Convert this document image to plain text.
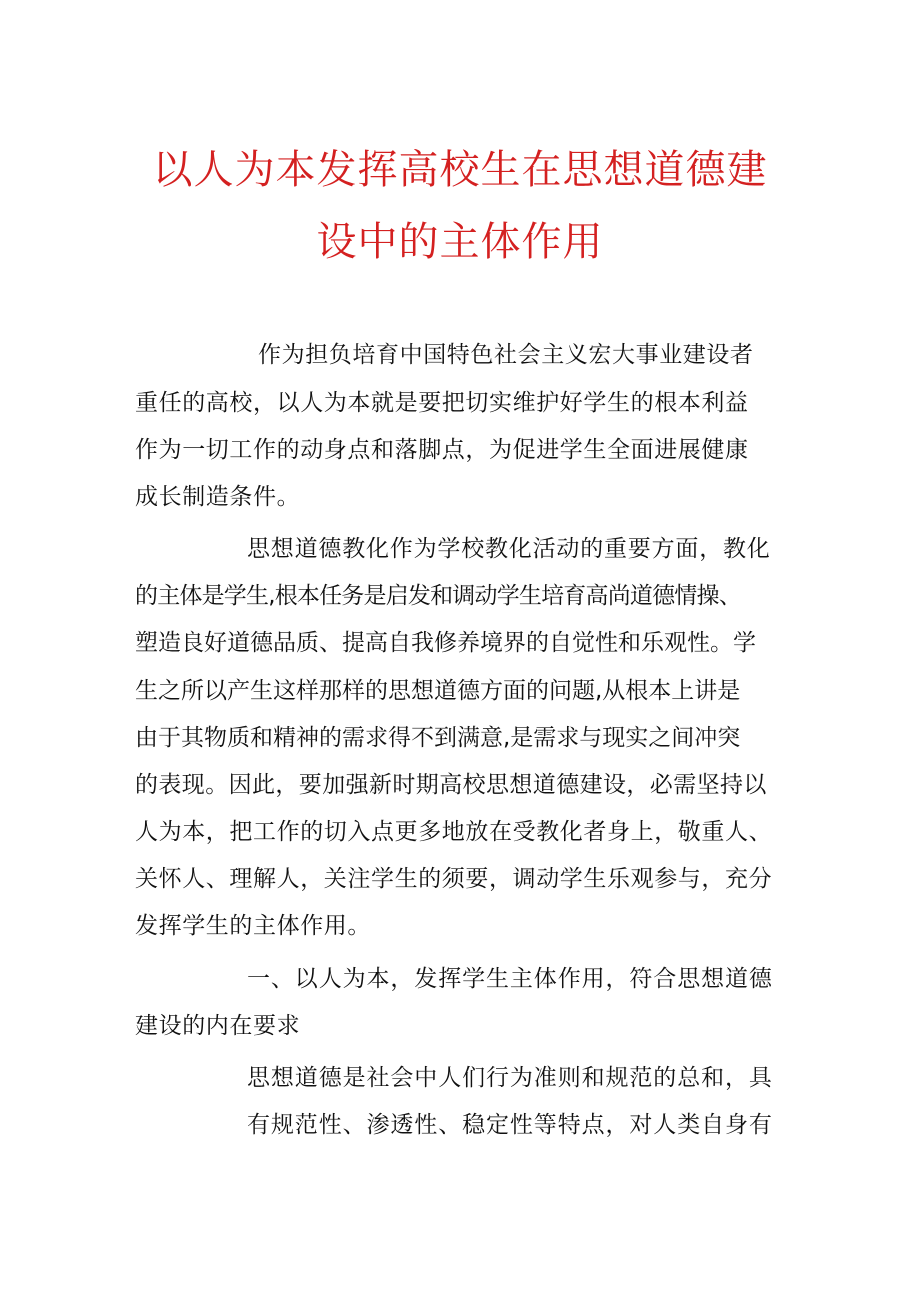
以人为本发挥高校生在思想道德建
设中的主体作用
作为担负培育中国特色社会主义宏大事业建设者
重任的高校，以人为本就是要把切实维护好学生的根本利益
作为一切工作的动身点和落脚点，为促进学生全面进展健康
成长制造条件。
思想道德教化作为学校教化活动的重要方面，教化
的主体是学生,根本任务是启发和调动学生培育高尚道德情操、
塑造良好道德品质、提高自我修养境界的自觉性和乐观性。学
生之所以产生这样那样的思想道德方面的问题,从根本上讲是
由于其物质和精神的需求得不到满意,是需求与现实之间冲突
的表现。因此，要加强新时期高校思想道德建设，必需坚持以
人为本，把工作的切入点更多地放在受教化者身上，敬重人、
关怀人、理解人，关注学生的须要，调动学生乐观参与，充分
发挥学生的主体作用。
一、以人为本，发挥学生主体作用，符合思想道德
建设的内在要求
思想道德是社会中人们行为准则和规范的总和，具
有规范性、渗透性、稳定性等特点，对人类自身有
